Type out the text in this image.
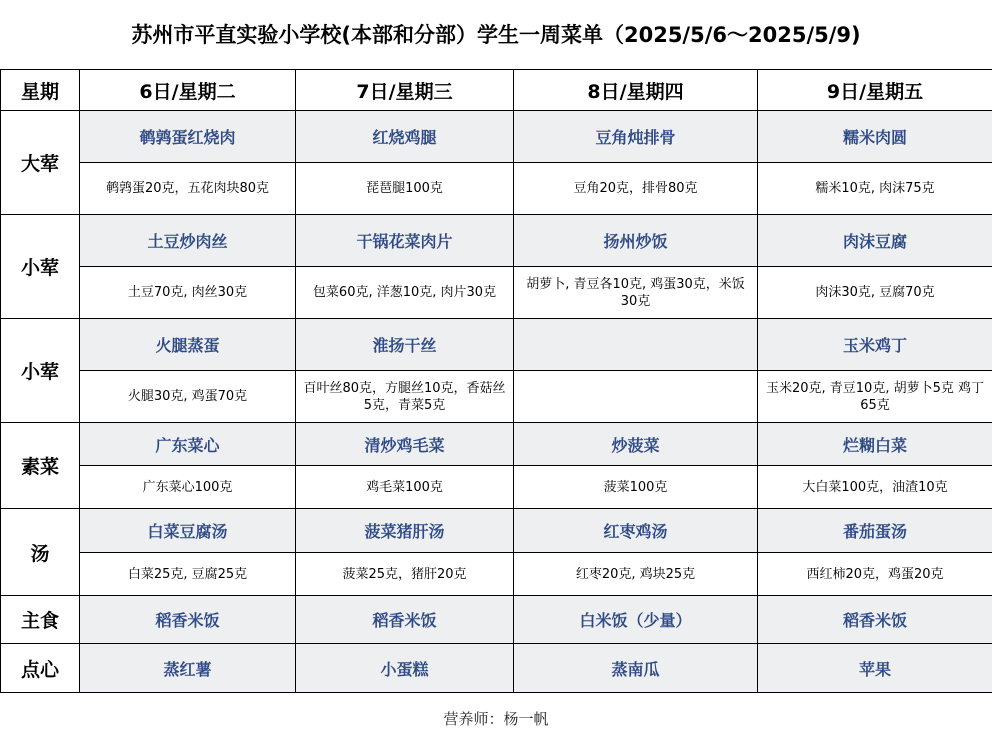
苏州市平直实验小学校(本部和分部）学生一周菜单（2025/5/6～2025/5/9)
星期	6日/星期二	7日/星期三	8日/星期四	9日/星期五
大荤	鹌鹑蛋红烧肉	红烧鸡腿	豆角炖排骨	糯米肉圆
	鹌鹑蛋20克，五花肉块80克	琵琶腿100克	豆角20克，排骨80克	糯米10克, 肉沫75克
小荤	土豆炒肉丝	干锅花菜肉片	扬州炒饭	肉沫豆腐
	土豆70克, 肉丝30克	包菜60克, 洋葱10克, 肉片30克	胡萝卜, 青豆各10克, 鸡蛋30克，米饭30克	肉沫30克, 豆腐70克
小荤	火腿蒸蛋	淮扬干丝		玉米鸡丁
	火腿30克, 鸡蛋70克	百叶丝80克，方腿丝10克，香菇丝5克，青菜5克		玉米20克, 青豆10克, 胡萝卜5克 鸡丁65克
素菜	广东菜心	清炒鸡毛菜	炒菠菜	烂糊白菜
	广东菜心100克	鸡毛菜100克	菠菜100克	大白菜100克，油渣10克
汤	白菜豆腐汤	菠菜猪肝汤	红枣鸡汤	番茄蛋汤
	白菜25克, 豆腐25克	菠菜25克，猪肝20克	红枣20克, 鸡块25克	西红柿20克，鸡蛋20克
主食	稻香米饭	稻香米饭	白米饭（少量）	稻香米饭
点心	蒸红薯	小蛋糕	蒸南瓜	苹果
营养师：杨一帆
